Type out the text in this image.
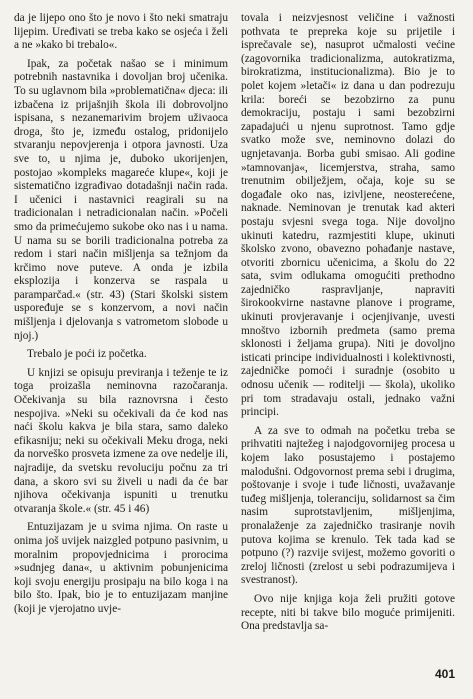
da je lijepo ono što je novo i što neki smatraju lijepim. Uređivati se treba kako se osjeća i želi a ne »kako bi trebalo«.

Ipak, za početak našao se i minimum potrebnih nastavnika i dovoljan broj učenika. To su uglavnom bila »problematična« djeca: ili izbačena iz prijašnjih škola ili dobrovoljno ispisana, s nezanemarivim brojem uživaoca droga, što je, između ostalog, pridonijelo stvaranju nepovjerenja i otpora javnosti. Uza sve to, u njima je, duboko ukorijenjen, postojao »kompleks magareće klupe«, koji je sistematično izgrađivao dotadašnji način rada. I učenici i nastavnici reagirali su na tradicionalan i netradicionalan način. »Počeli smo da primećujemo sukobe oko nas i u nama. U nama su se borili tradicionalna potreba za redom i stari način mišljenja sa težnjom da krčimo nove puteve. A onda je izbila eksplozija i konzerva se raspala u paramparčad.« (str. 43) (Stari školski sistem uspoređuje se s konzervom, a novi način mišljenja i djelovanja s vatrometom slobode u njoj.)

Trebalo je poći iz početka.

U knjizi se opisuju previranja i teženje te iz toga proizašla neminovna razočaranja. Očekivanja su bila raznovrsna i često nespojiva. »Neki su očekivali da će kod nas naći školu kakva je bila stara, samo daleko efikasniju; neki su očekivali Meku droga, neki da norveško prosveta izmene za ove nedelje ili, najradije, da svetsku revoluciju počnu za tri dana, a skoro svi su živeli u nadi da će bar njihova očekivanja ispuniti u trenutku otvaranja škole.« (str. 45 i 46)

Entuzijazam je u svima njima. On raste u onima još uvijek naizgled potpuno pasivnim, u moralnim propovjednicima i prorocima »sudnjeg dana«, u aktivnim pobunjenicima koji svoju energiju prosipaju na bilo koga i na bilo što. Ipak, bio je to entuzijazam manjine (koji je vjerojatno uvje-

tovala i neizvjesnost veličine i važnosti pothvata te prepreka koje su prijetile i isprečavale se), nasuprot učmalosti većine (zagovornika tradicionalizma, autokratizma, birokratizma, institucionalizma). Bio je to polet kojem »letači« iz dana u dan podrezuju krila: boreći se bezobzirno za punu demokraciju, postaju i sami bezobzirni zapadajući u njenu suprotnost. Tamo gdje svatko može sve, neminovno dolazi do ugnjetavanja. Borba gubi smisao. Ali godine »tamnovanja«, licemjerstva, straha, samo trenutnim obilježjem, očaja, koje su se događale oko nas, izivljene, neosterećene, naknade. Neminovan je trenutak kad akteri postaju svjesni svega toga. Nije dovoljno ukinuti katedru, razmjestiti klupe, ukinuti školsko zvono, obavezno pohađanje nastave, otvoriti zbornicu učenicima, a školu do 22 sata, svim odlukama omogućiti prethodno zajedničko raspravljanje, napraviti širokookvirne nastavne planove i programe, ukinuti provjeravanje i ocjenjivanje, uvesti mnoštvo izbornih predmeta (samo prema sklonosti i željama grupa). Niti je dovoljno isticati principe individualnosti i kolektivnosti, zajedničke pomoći i suradnje (osobito u odnosu učenik — roditelji — škola), ukoliko pri tom stradavaju ostali, jednako važni principi.

A za sve to odmah na početku treba se prihvatiti najtežeg i najodgovornijeg procesa u kojem lako posustajemo i postajemo malodušni. Odgovornost prema sebi i drugima, poštovanje i svoje i tuđe ličnosti, uvažavanje tuđeg mišljenja, toleranciju, solidarnost sa čim nasim suprotstavljenim, mišljenjima, pronalaženje za zajedničko trasiranje novih putova kojima se krenulo. Tek tada kad se potpuno (?) razvije svijest, možemo govoriti o zreloj ličnosti (zrelost u sebi podrazumijeva i svestranost).

Ovo nije knjiga koja želi pružiti gotove recepte, niti bi takve bilo moguće primijeniti. Ona predstavlja sa-

401
